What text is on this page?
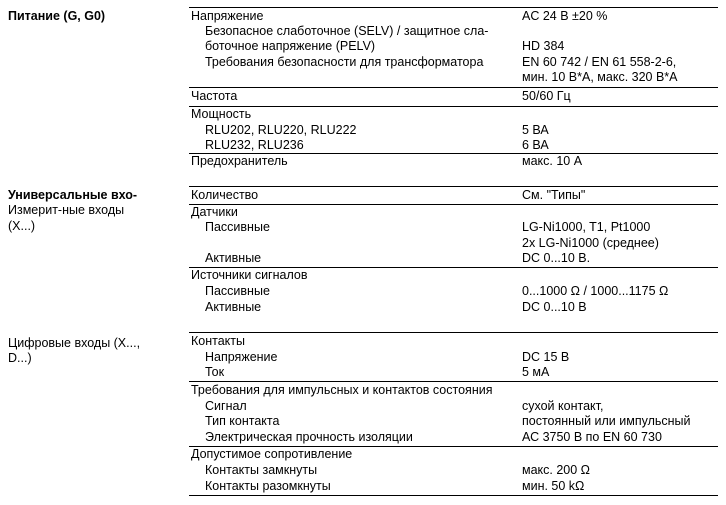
Питание (G, G0)
Универсальные вхо-
Измерит-ные входы
(X...)
Цифровые входы (X...,
D...)
Напряжение	AC 24 В ±20 %
Безопасное слаботочное (SELV) / защитное сла-
боточное напряжение (PELV)	HD 384
Требования безопасности для трансформатора	EN 60 742 / EN 61 558-2-6,
мин. 10 В*А, макс. 320 В*А
Частота	50/60 Гц
Мощность
RLU202, RLU220, RLU222	5 ВА
RLU232, RLU236	6 ВА
Предохранитель	макс. 10 А
Количество	См. "Типы"
Датчики
Пассивные	LG-Ni1000, T1, Pt1000
2x LG-Ni1000 (среднее)
Активные	DC 0...10 В.
Источники сигналов
Пассивные	0...1000 Ω / 1000...1175 Ω
Активные	DC 0...10 В
Контакты
Напряжение	DC 15 В
Ток	5 мА
Требования для импульсных и контактов состояния
Сигнал	сухой контакт,
Тип контакта	постоянный или импульсный
Электрическая прочность изоляции	АС 3750 В по EN 60 730
Допустимое сопротивление
Контакты замкнуты	макс. 200 Ω
Контакты разомкнуты	мин. 50 kΩ
